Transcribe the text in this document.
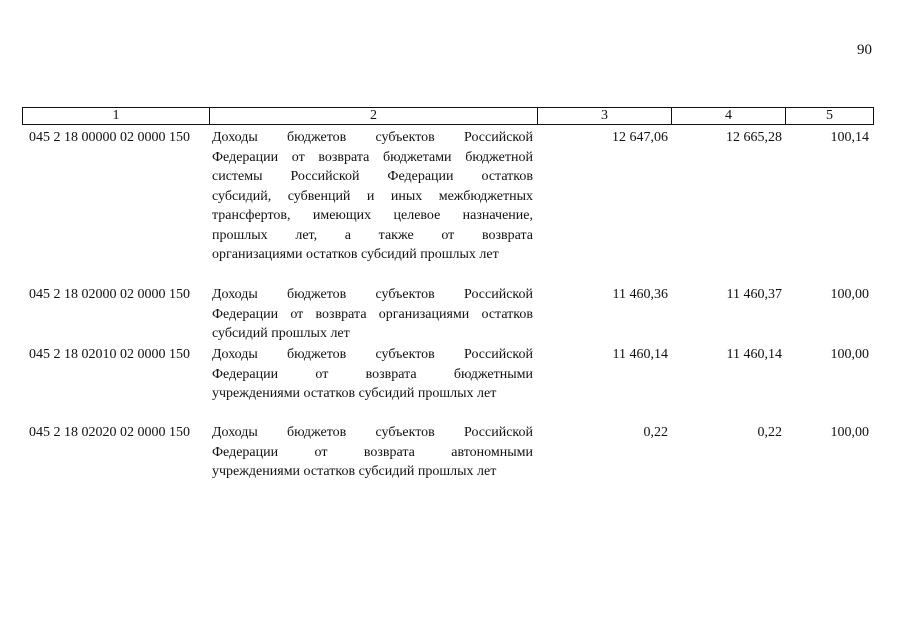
90
1	2	3	4	5
045 2 18 00000 02 0000 150	Доходы бюджетов субъектов Российской
Федерации от возврата бюджетами бюджетной
системы Российской Федерации остатков
субсидий, субвенций и иных межбюджетных
трансфертов, имеющих целевое назначение,
прошлых лет, а также от возврата
организациями остатков субсидий прошлых лет
12 647,06	12 665,28	100,14
045 2 18 02000 02 0000 150	Доходы бюджетов субъектов Российской
Федерации от возврата организациями остатков
субсидий прошлых лет
11 460,36	11 460,37	100,00
045 2 18 02010 02 0000 150	Доходы бюджетов субъектов Российской
Федерации от возврата бюджетными
учреждениями остатков субсидий прошлых лет
11 460,14	11 460,14	100,00
045 2 18 02020 02 0000 150	Доходы бюджетов субъектов Российской
Федерации от возврата автономными
учреждениями остатков субсидий прошлых лет
0,22	0,22	100,00
